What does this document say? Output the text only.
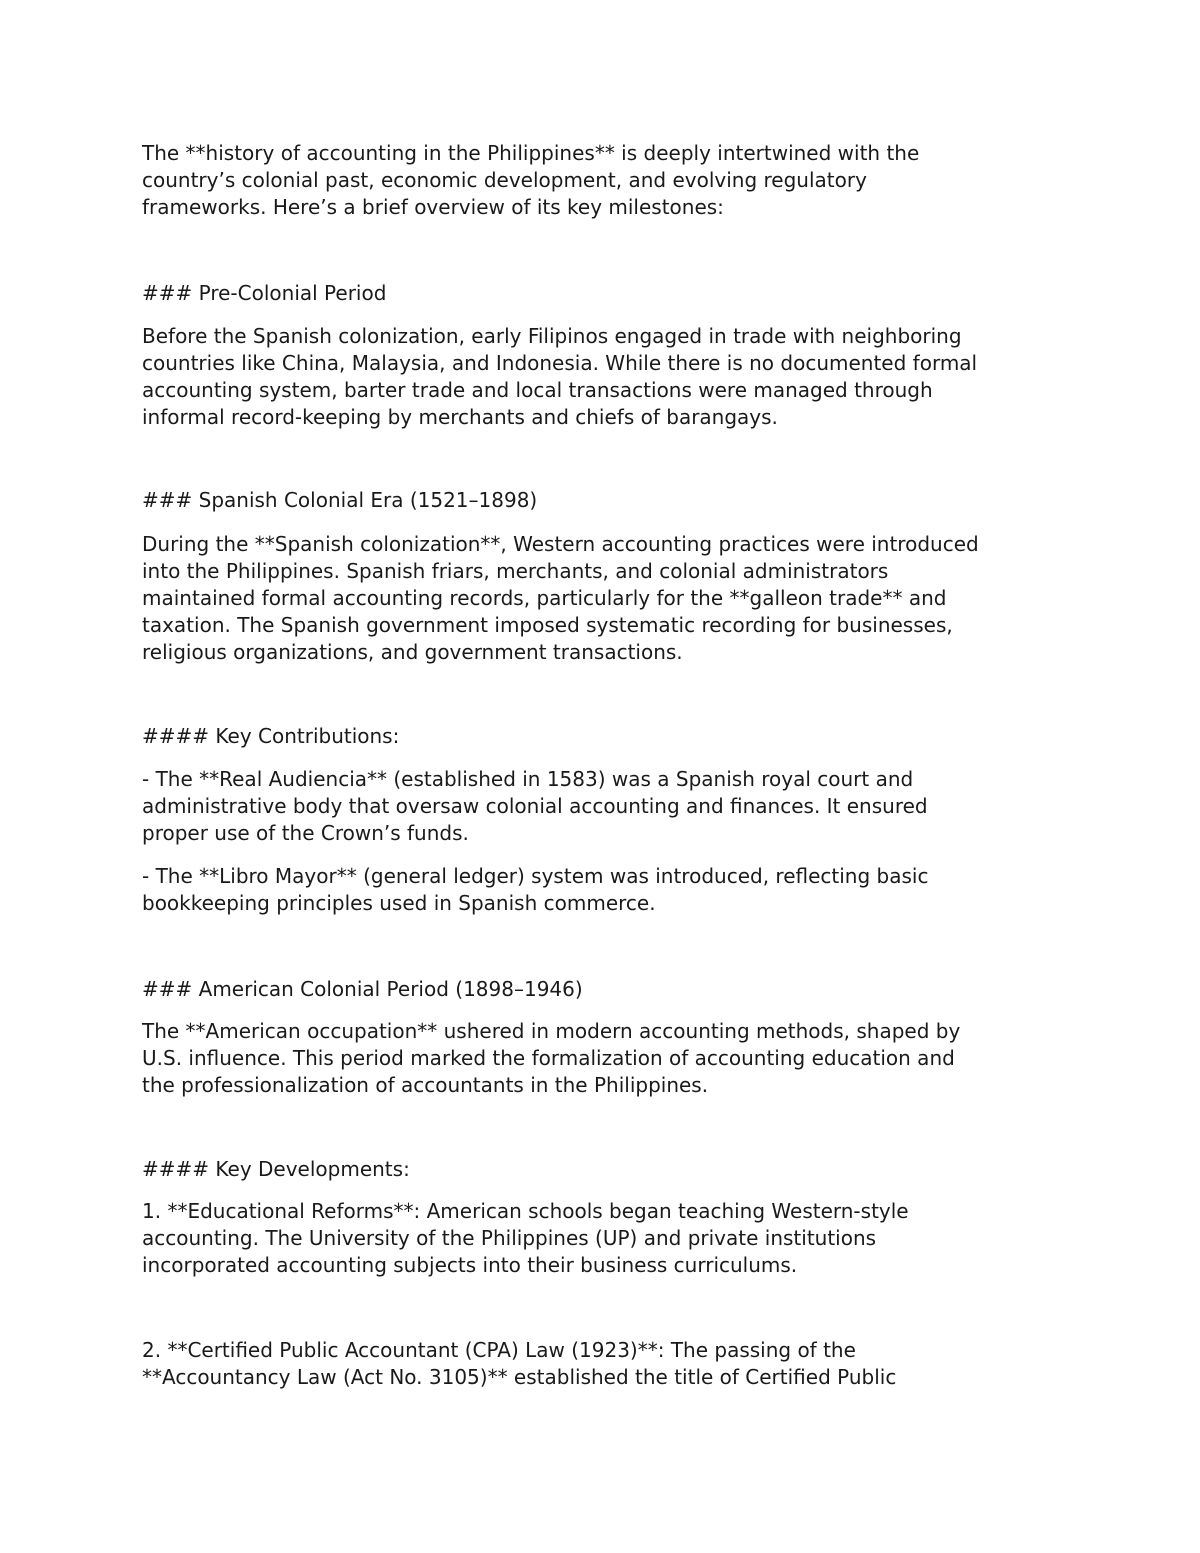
The **history of accounting in the Philippines** is deeply intertwined with the
country’s colonial past, economic development, and evolving regulatory
frameworks. Here’s a brief overview of its key milestones:

### Pre-Colonial Period

Before the Spanish colonization, early Filipinos engaged in trade with neighboring
countries like China, Malaysia, and Indonesia. While there is no documented formal
accounting system, barter trade and local transactions were managed through
informal record-keeping by merchants and chiefs of barangays.

### Spanish Colonial Era (1521–1898)

During the **Spanish colonization**, Western accounting practices were introduced
into the Philippines. Spanish friars, merchants, and colonial administrators
maintained formal accounting records, particularly for the **galleon trade** and
taxation. The Spanish government imposed systematic recording for businesses,
religious organizations, and government transactions.

#### Key Contributions:

- The **Real Audiencia** (established in 1583) was a Spanish royal court and
administrative body that oversaw colonial accounting and finances. It ensured
proper use of the Crown’s funds.

- The **Libro Mayor** (general ledger) system was introduced, reflecting basic
bookkeeping principles used in Spanish commerce.

### American Colonial Period (1898–1946)

The **American occupation** ushered in modern accounting methods, shaped by
U.S. influence. This period marked the formalization of accounting education and
the professionalization of accountants in the Philippines.

#### Key Developments:

1. **Educational Reforms**: American schools began teaching Western-style
accounting. The University of the Philippines (UP) and private institutions
incorporated accounting subjects into their business curriculums.

2. **Certified Public Accountant (CPA) Law (1923)**: The passing of the
**Accountancy Law (Act No. 3105)** established the title of Certified Public
